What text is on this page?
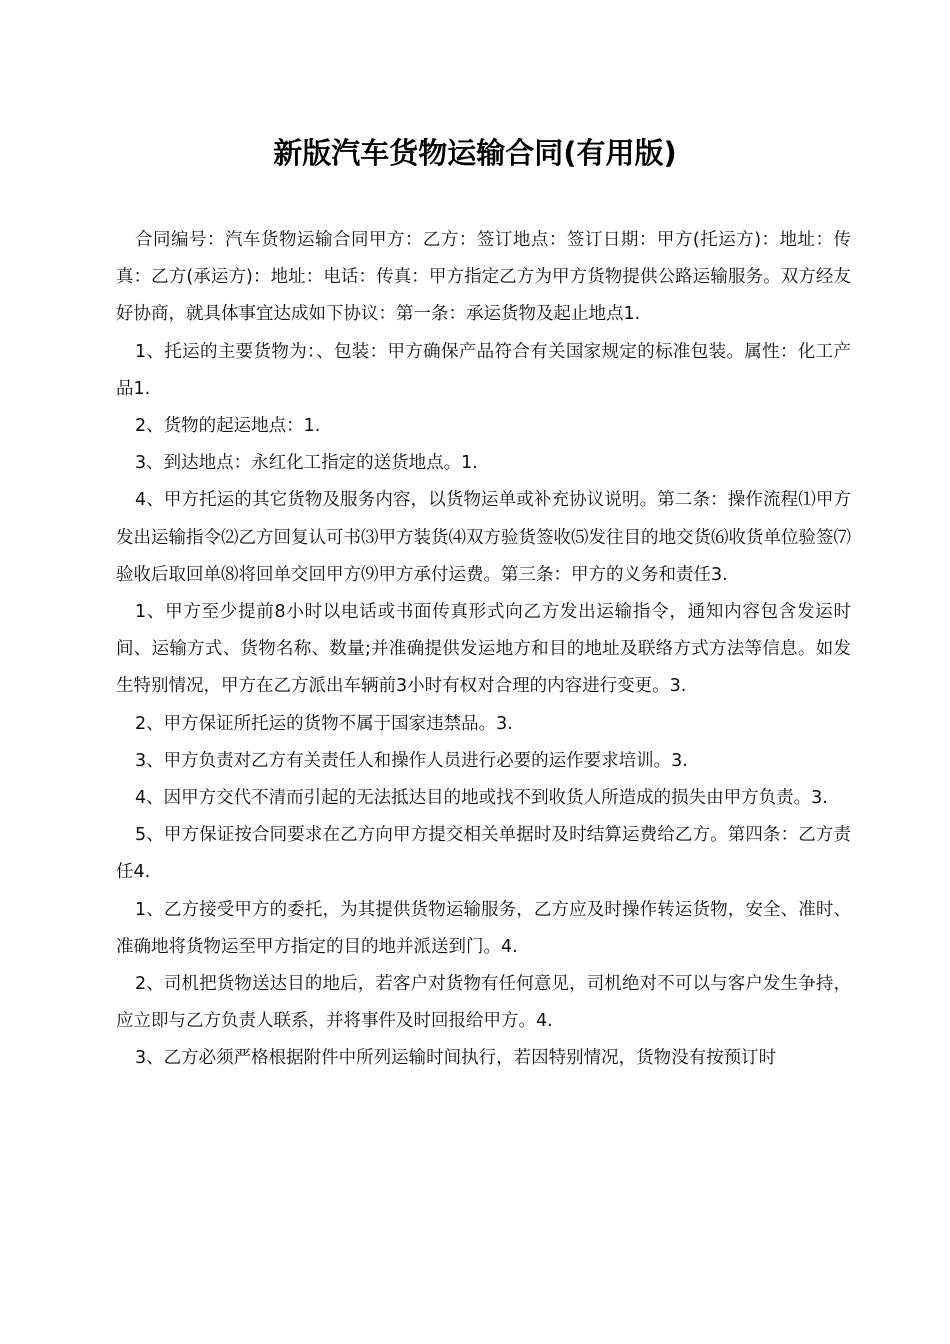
新版汽车货物运输合同(有用版)

合同编号：汽车货物运输合同甲方：乙方：签订地点：签订日期：甲方(托运方)：地址：传真：乙方(承运方)：地址：电话：传真：甲方指定乙方为甲方货物提供公路运输服务。双方经友好协商，就具体事宜达成如下协议：第一条：承运货物及起止地点1.

1、托运的主要货物为：、包装：甲方确保产品符合有关国家规定的标准包装。属性：化工产品1.

2、货物的起运地点：1.

3、到达地点：永红化工指定的送货地点。1.

4、甲方托运的其它货物及服务内容，以货物运单或补充协议说明。第二条：操作流程⑴甲方发出运输指令⑵乙方回复认可书⑶甲方装货⑷双方验货签收⑸发往目的地交货⑹收货单位验签⑺验收后取回单⑻将回单交回甲方⑼甲方承付运费。第三条：甲方的义务和责任3.

1、甲方至少提前8小时以电话或书面传真形式向乙方发出运输指令，通知内容包含发运时间、运输方式、货物名称、数量;并准确提供发运地方和目的地址及联络方式方法等信息。如发生特别情况，甲方在乙方派出车辆前3小时有权对合理的内容进行变更。3.

2、甲方保证所托运的货物不属于国家违禁品。3.

3、甲方负责对乙方有关责任人和操作人员进行必要的运作要求培训。3.

4、因甲方交代不清而引起的无法抵达目的地或找不到收货人所造成的损失由甲方负责。3.

5、甲方保证按合同要求在乙方向甲方提交相关单据时及时结算运费给乙方。第四条：乙方责任4.

1、乙方接受甲方的委托，为其提供货物运输服务，乙方应及时操作转运货物，安全、准时、准确地将货物运至甲方指定的目的地并派送到门。4.

2、司机把货物送达目的地后，若客户对货物有任何意见，司机绝对不可以与客户发生争持，应立即与乙方负责人联系，并将事件及时回报给甲方。4.

3、乙方必须严格根据附件中所列运输时间执行，若因特别情况，货物没有按预订时
